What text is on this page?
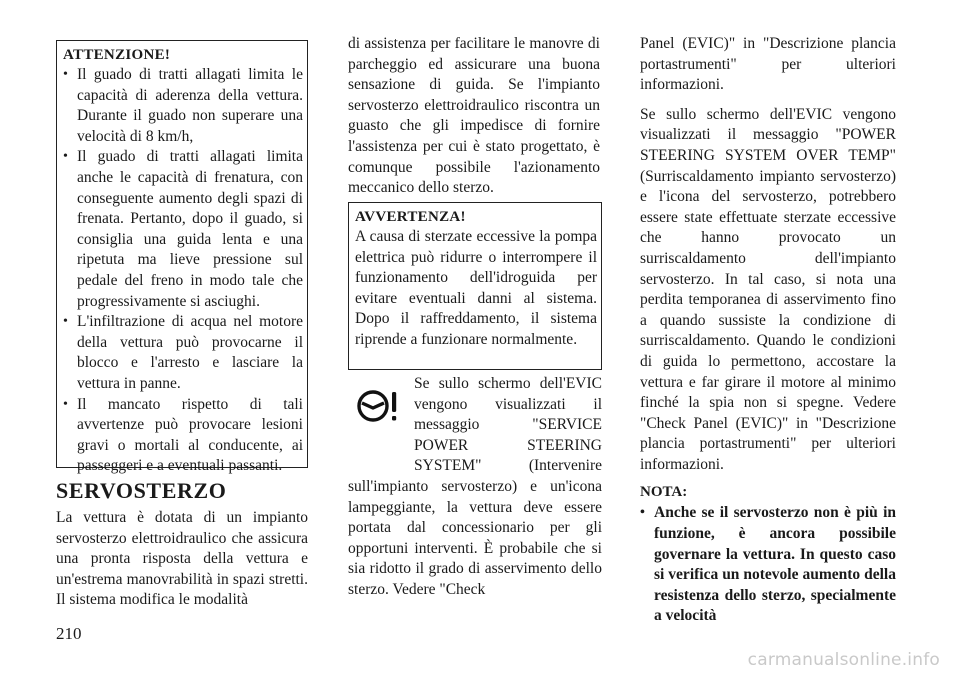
ATTENZIONE!
• Il guado di tratti allagati limita le capacità di aderenza della vettura. Durante il guado non superare una velocità di 8 km/h,
• Il guado di tratti allagati limita anche le capacità di frenatura, con conseguente aumento degli spazi di frenata. Pertanto, dopo il guado, si consiglia una guida lenta e una ripetuta ma lieve pressione sul pedale del freno in modo tale che progressivamente si asciughi.
• L'infiltrazione di acqua nel motore della vettura può provocarne il blocco e l'arresto e lasciare la vettura in panne.
• Il mancato rispetto di tali avvertenze può provocare lesioni gravi o mortali al conducente, ai passeggeri e a eventuali passanti.
SERVOSTERZO

La vettura è dotata di un impianto servosterzo elettroidraulico che assicura una pronta risposta della vettura e un'estrema manovrabilità in spazi stretti. Il sistema modifica le modalità

di assistenza per facilitare le manovre di parcheggio ed assicurare una buona sensazione di guida. Se l'impianto servosterzo elettroidraulico riscontra un guasto che gli impedisce di fornire l'assistenza per cui è stato progettato, è comunque possibile l'azionamento meccanico dello sterzo.

AVVERTENZA!

A causa di sterzate eccessive la pompa elettrica può ridurre o interrompere il funzionamento dell'idroguida per evitare eventuali danni al sistema. Dopo il raffreddamento, il sistema riprende a funzionare normalmente.

Se sullo schermo dell'EVIC vengono visualizzati il messaggio "SERVICE POWER STEERING SYSTEM" (Intervenire sull'impianto servosterzo) e un'icona lampeggiante, la vettura deve essere portata dal concessionario per gli opportuni interventi. È probabile che si sia ridotto il grado di asservimento dello sterzo. Vedere "Check

Panel (EVIC)" in "Descrizione plancia portastrumenti" per ulteriori informazioni.

Se sullo schermo dell'EVIC vengono visualizzati il messaggio "POWER STEERING SYSTEM OVER TEMP" (Surriscaldamento impianto servosterzo) e l'icona del servosterzo, potrebbero essere state effettuate sterzate eccessive che hanno provocato un surriscaldamento dell'impianto servosterzo. In tal caso, si nota una perdita temporanea di asservimento fino a quando sussiste la condizione di surriscaldamento. Quando le condizioni di guida lo permettono, accostare la vettura e far girare il motore al minimo finché la spia non si spegne. Vedere "Check Panel (EVIC)" in "Descrizione plancia portastrumenti" per ulteriori informazioni.

NOTA:
• Anche se il servosterzo non è più in funzione, è ancora possibile governare la vettura. In questo caso si verifica un notevole aumento della resistenza dello sterzo, specialmente a velocità
210
carmanualsonline.info
